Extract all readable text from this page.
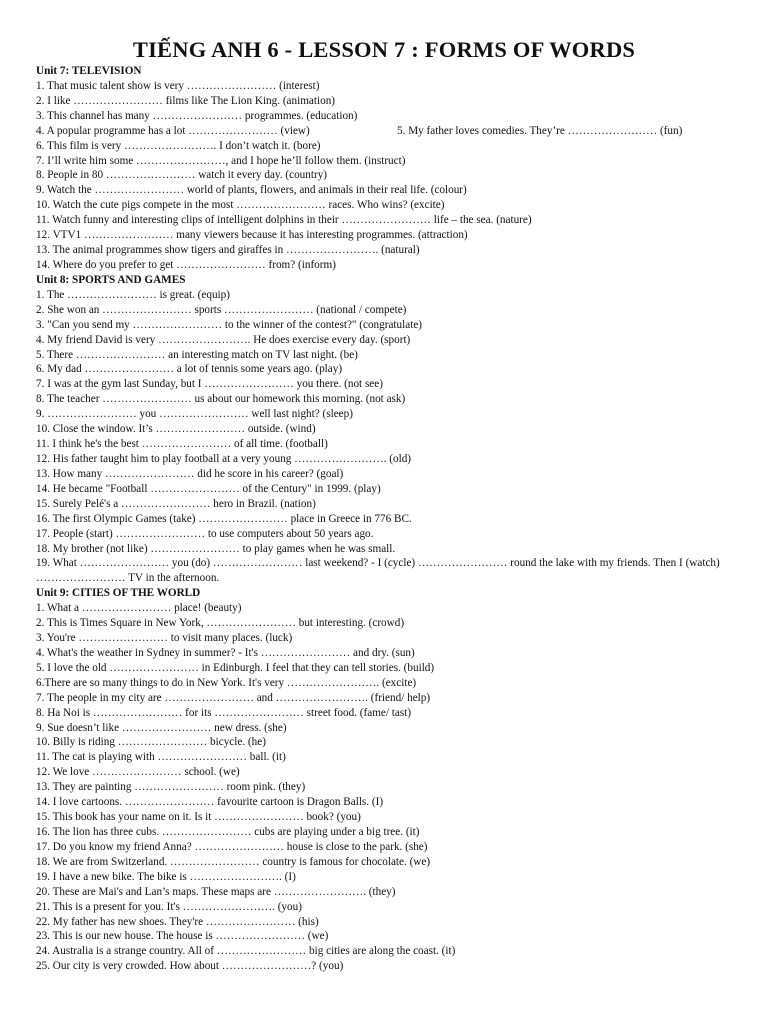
TIẾNG ANH 6 - LESSON 7 : FORMS OF WORDS
Unit 7: TELEVISION
1. That music talent show is very …………………… (interest)
2. I like …………………… films like The Lion King. (animation)
3. This channel has many …………………… programmes. (education)
4. A popular programme has a lot …………………… (view)	5. My father loves comedies. They’re …………………… (fun)
6. This film is very ……………………. I don’t watch it. (bore)
7. I’ll write him some ……………………, and I hope he’ll follow them. (instruct)
8. People in 80 …………………… watch it every day. (country)
9. Watch the …………………… world of plants, flowers, and animals in their real life. (colour)
10. Watch the cute pigs compete in the most …………………… races. Who wins? (excite)
11. Watch funny and interesting clips of intelligent dolphins in their …………………… life – the sea. (nature)
12. VTV1 …………………… many viewers because it has interesting programmes. (attraction)
13. The animal programmes show tigers and giraffes in ……………………. (natural)
14. Where do you prefer to get …………………… from? (inform)
Unit 8: SPORTS AND GAMES
1. The …………………… is great. (equip)
2. She won an …………………… sports …………………… (national / compete)
3. "Can you send my …………………… to the winner of the contest?" (congratulate)
4. My friend David is very ……………………. He does exercise every day. (sport)
5. There …………………… an interesting match on TV last night. (be)
6. My dad …………………… a lot of tennis some years ago. (play)
7. I was at the gym last Sunday, but I …………………… you there. (not see)
8. The teacher …………………… us about our homework this morning. (not ask)
9. …………………… you …………………… well last night? (sleep)
10. Close the window. It’s …………………… outside. (wind)
11. I think he's the best …………………… of all time. (football)
12. His father taught him to play football at a very young ……………………. (old)
13. How many …………………… did he score in his career? (goal)
14. He became "Football …………………… of the Century" in 1999. (play)
15. Surely Pelé's a …………………… hero in Brazil. (nation)
16. The first Olympic Games (take) …………………… place in Greece in 776 BC.
17. People (start) …………………… to use computers about 50 years ago.
18. My brother (not like) …………………… to play games when he was small.
19. What …………………… you (do) …………………… last weekend? - I (cycle) …………………… round the lake with my friends. Then I (watch) …………………… TV in the afternoon.
Unit 9: CITIES OF THE WORLD
1. What a …………………… place! (beauty)
2. This is Times Square in New York, …………………… but interesting. (crowd)
3. You're …………………… to visit many places. (luck)
4. What's the weather in Sydney in summer? - It's …………………… and dry. (sun)
5. I love the old …………………… in Edinburgh. I feel that they can tell stories. (build)
6.There are so many things to do in New York. It's very ……………………. (excite)
7. The people in my city are …………………… and ……………………. (friend/ help)
8. Ha Noi is …………………… for its …………………… street food. (fame/ tast)
9. Sue doesn’t like …………………… new dress. (she)
10. Billy is riding …………………… bicycle. (he)
11. The cat is playing with …………………… ball. (it)
12. We love …………………… school. (we)
13. They are painting …………………… room pink. (they)
14. I love cartoons. …………………… favourite cartoon is Dragon Balls. (I)
15. This book has your name on it. Is it …………………… book? (you)
16. The lion has three cubs. …………………… cubs are playing under a big tree. (it)
17. Do you know my friend Anna? …………………… house is close to the park. (she)
18. We are from Switzerland. …………………… country is famous for chocolate. (we)
19. I have a new bike. The bike is ……………………. (I)
20. These are Mai's and Lan’s maps. These maps are ……………………. (they)
21. This is a present for you. It's ……………………. (you)
22. My father has new shoes. They're …………………… (his)
23. This is our new house. The house is …………………… (we)
24. Australia is a strange country. All of …………………… big cities are along the coast. (it)
25. Our city is very crowded. How about ……………………? (you)
